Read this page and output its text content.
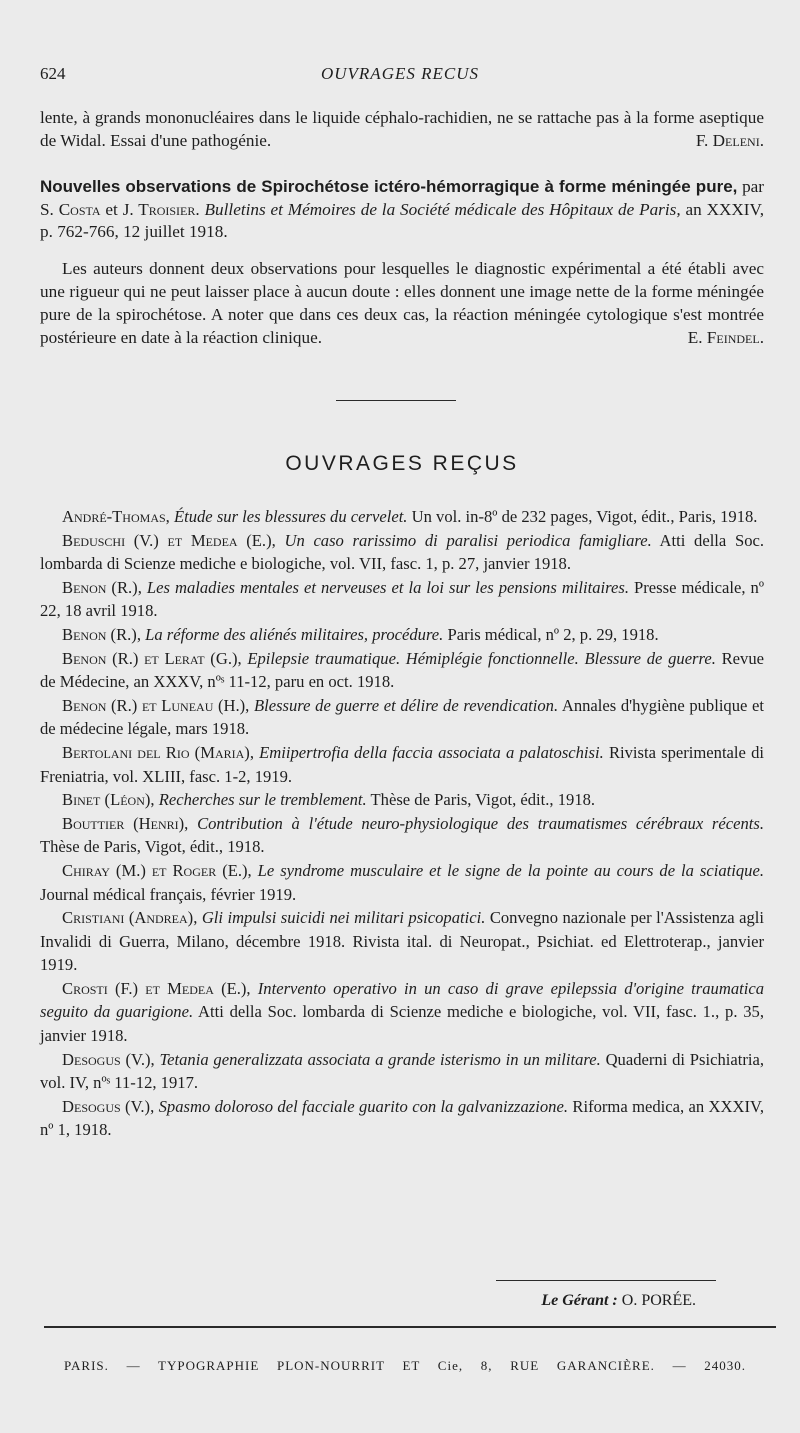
624	OUVRAGES RECUS

lente, à grands mononucléaires dans le liquide céphalo-rachidien, ne se rattache pas à la forme aseptique de Widal. Essai d'une pathogénie.	F. Deleni.

Nouvelles observations de Spirochétose ictéro-hémorragique à forme méningée pure, par S. Costa et J. Troisier. Bulletins et Mémoires de la Société médicale des Hôpitaux de Paris, an XXXIV, p. 762-766, 12 juillet 1918.

Les auteurs donnent deux observations pour lesquelles le diagnostic expérimental a été établi avec une rigueur qui ne peut laisser place à aucun doute : elles donnent une image nette de la forme méningée pure de la spirochétose. A noter que dans ces deux cas, la réaction méningée cytologique s'est montrée postérieure en date à la réaction clinique.	E. Feindel.

OUVRAGES REÇUS

André-Thomas, Étude sur les blessures du cervelet. Un vol. in-8º de 232 pages, Vigot, édit., Paris, 1918.

Beduschi (V.) et Medea (E.), Un caso rarissimo di paralisi periodica famigliare. Atti della Soc. lombarda di Scienze mediche e biologiche, vol. VII, fasc. 1, p. 27, janvier 1918.

Benon (R.), Les maladies mentales et nerveuses et la loi sur les pensions militaires. Presse médicale, nº 22, 18 avril 1918.

Benon (R.), La réforme des aliénés militaires, procédure. Paris médical, nº 2, p. 29, 1918.

Benon (R.) et Lerat (G.), Epilepsie traumatique. Hémiplégie fonctionnelle. Blessure de guerre. Revue de Médecine, an XXXV, nºˢ 11-12, paru en oct. 1918.

Benon (R.) et Luneau (H.), Blessure de guerre et délire de revendication. Annales d'hygiène publique et de médecine légale, mars 1918.

Bertolani del Rio (Maria), Emiipertrofia della faccia associata a palatoschisi. Rivista sperimentale di Freniatria, vol. XLIII, fasc. 1-2, 1919.

Binet (Léon), Recherches sur le tremblement. Thèse de Paris, Vigot, édit., 1918.

Bouttier (Henri), Contribution à l'étude neuro-physiologique des traumatismes cérébraux récents. Thèse de Paris, Vigot, édit., 1918.

Chiray (M.) et Roger (E.), Le syndrome musculaire et le signe de la pointe au cours de la sciatique. Journal médical français, février 1919.

Cristiani (Andrea), Gli impulsi suicidi nei militari psicopatici. Convegno nazionale per l'Assistenza agli Invalidi di Guerra, Milano, décembre 1918. Rivista ital. di Neuropat., Psichiat. ed Elettroterap., janvier 1919.

Crosti (F.) et Medea (E.), Intervento operativo in un caso di grave epilepssia d'origine traumatica seguito da guarigione. Atti della Soc. lombarda di Scienze mediche e biologiche, vol. VII, fasc. 1., p. 35, janvier 1918.

Desogus (V.), Tetania generalizzata associata a grande isterismo in un militare. Quaderni di Psichiatria, vol. IV, nºˢ 11-12, 1917.

Desogus (V.), Spasmo doloroso del facciale guarito con la galvanizzazione. Riforma medica, an XXXIV, nº 1, 1918.

Le Gérant : O. PORÉE.
PARIS. — TYPOGRAPHIE PLON-NOURRIT ET Cie, 8, RUE GARANCIÈRE. — 24030.
